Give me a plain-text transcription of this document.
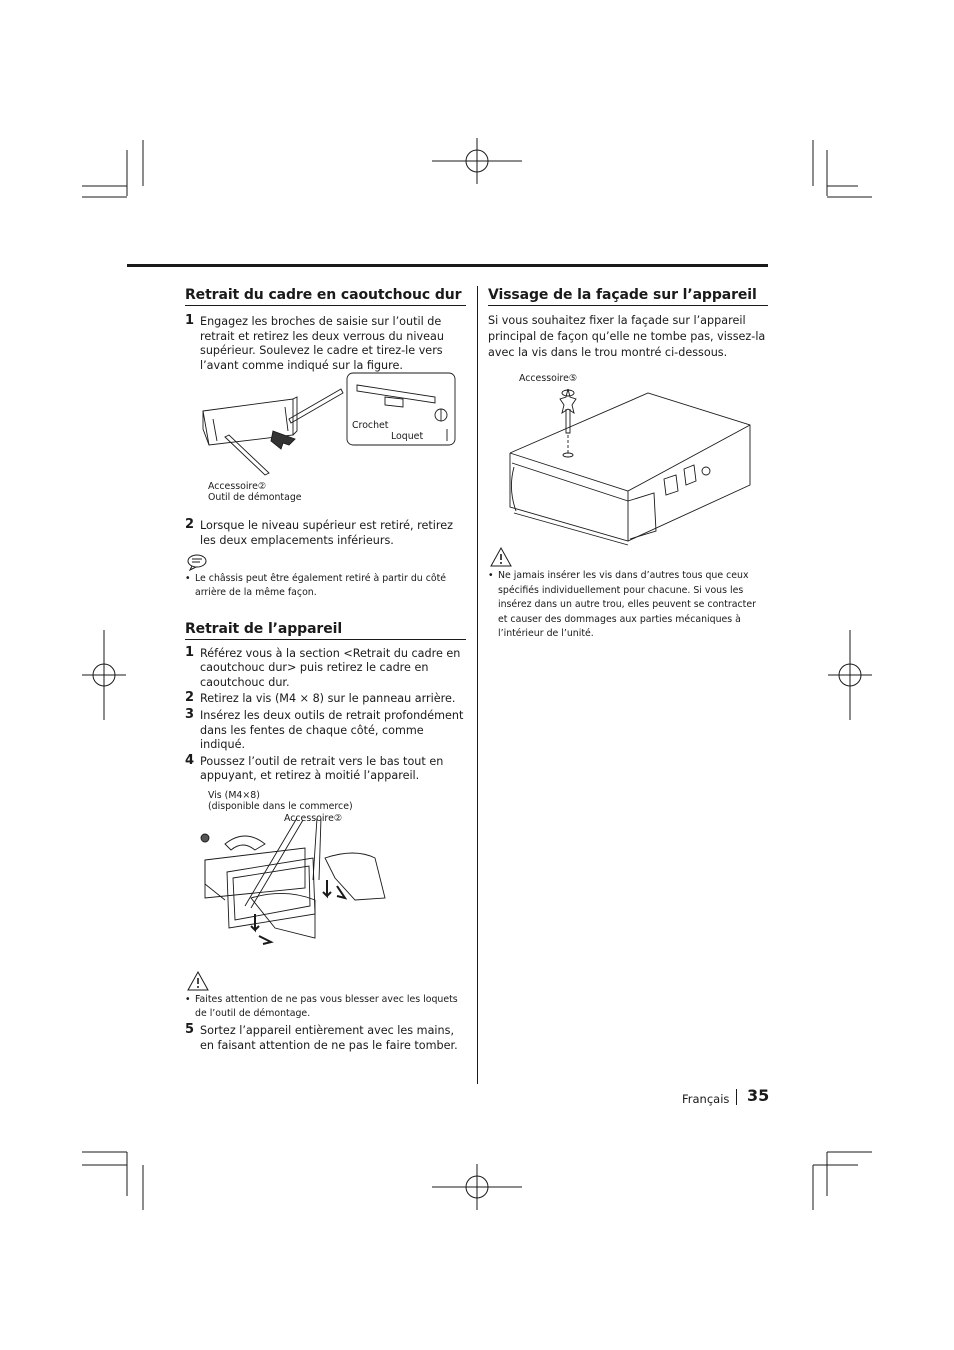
Retrait du cadre en caoutchouc dur

1 Engagez les broches de saisie sur l’outil de retrait et retirez les deux verrous du niveau supérieur. Soulevez le cadre et tirez-le vers l’avant comme indiqué sur la figure.

Crochet
Loquet
Accessoire②
Outil de démontage

2 Lorsque le niveau supérieur est retiré, retirez les deux emplacements inférieurs.

• Le châssis peut être également retiré à partir du côté arrière de la même façon.

Retrait de l’appareil

1 Référez vous à la section <Retrait du cadre en caoutchouc dur> puis retirez le cadre en caoutchouc dur.

2 Retirez la vis (M4 × 8) sur le panneau arrière.

3 Insérez les deux outils de retrait profondément dans les fentes de chaque côté, comme indiqué.

4 Poussez l’outil de retrait vers le bas tout en appuyant, et retirez à moitié l’appareil.

Vis (M4×8)
(disponible dans le commerce)
Accessoire②

• Faites attention de ne pas vous blesser avec les loquets de l’outil de démontage.

5 Sortez l’appareil entièrement avec les mains, en faisant attention de ne pas le faire tomber.

Vissage de la façade sur l’appareil

Si vous souhaitez fixer la façade sur l’appareil principal de façon qu’elle ne tombe pas, vissez-la avec la vis dans le trou montré ci-dessous.

Accessoire⑤

• Ne jamais insérer les vis dans d’autres tous que ceux spécifiés individuellement pour chacune. Si vous les insérez dans un autre trou, elles peuvent se contracter et causer des dommages aux parties mécaniques à l’intérieur de l’unité.

Français 35
